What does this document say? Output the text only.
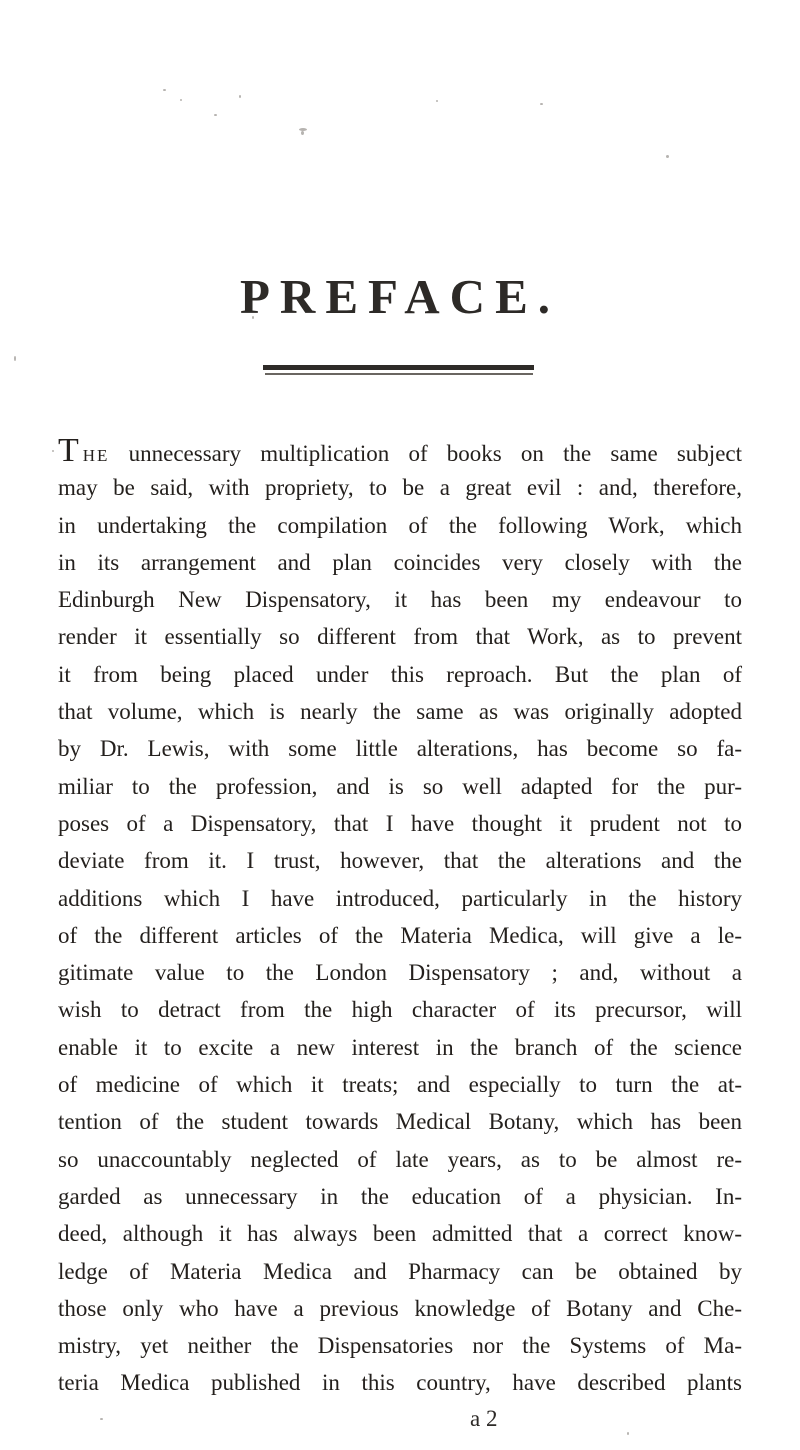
PREFACE.
THE unnecessary multiplication of books on the same subject
may be said, with propriety, to be a great evil : and, therefore,
in undertaking the compilation of the following Work, which
in its arrangement and plan coincides very closely with the
Edinburgh New Dispensatory, it has been my endeavour to
render it essentially so different from that Work, as to prevent
it from being placed under this reproach. But the plan of
that volume, which is nearly the same as was originally adopted
by Dr. Lewis, with some little alterations, has become so fa-
miliar to the profession, and is so well adapted for the pur-
poses of a Dispensatory, that I have thought it prudent not to
deviate from it. I trust, however, that the alterations and the
additions which I have introduced, particularly in the history
of the different articles of the Materia Medica, will give a le-
gitimate value to the London Dispensatory ; and, without a
wish to detract from the high character of its precursor, will
enable it to excite a new interest in the branch of the science
of medicine of which it treats; and especially to turn the at-
tention of the student towards Medical Botany, which has been
so unaccountably neglected of late years, as to be almost re-
garded as unnecessary in the education of a physician. In-
deed, although it has always been admitted that a correct know-
ledge of Materia Medica and Pharmacy can be obtained by
those only who have a previous knowledge of Botany and Che-
mistry, yet neither the Dispensatories nor the Systems of Ma-
teria Medica published in this country, have described plants
a 2
